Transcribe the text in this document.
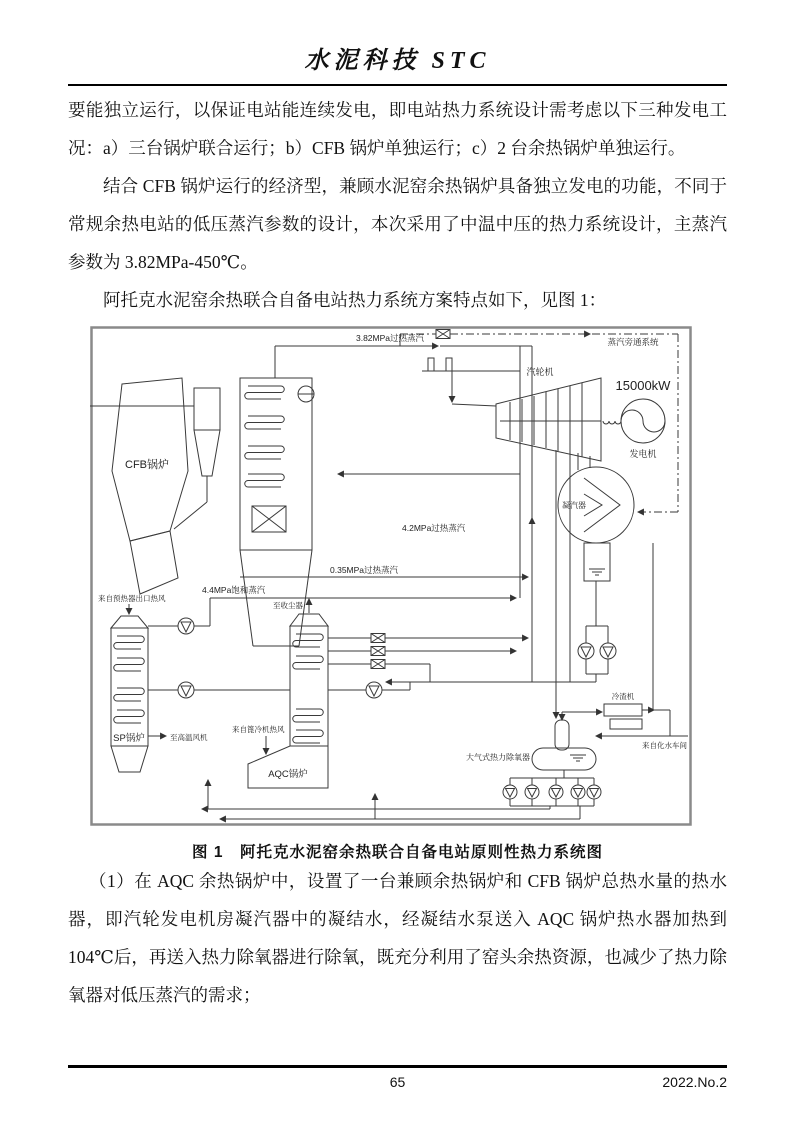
水泥科技 STC

要能独立运行，以保证电站能连续发电，即电站热力系统设计需考虑以下三种发电工况：a）三台锅炉联合运行；b）CFB 锅炉单独运行；c）2 台余热锅炉单独运行。

结合 CFB 锅炉运行的经济型，兼顾水泥窑余热锅炉具备独立发电的功能，不同于常规余热电站的低压蒸汽参数的设计，本次采用了中温中压的热力系统设计，主蒸汽参数为 3.82MPa-450℃。

阿托克水泥窑余热联合自备电站热力系统方案特点如下，见图 1：

3.82MPa过热蒸汽	蒸汽旁通系统
汽轮机
15000kW
发电机
凝汽器
4.2MPa过热蒸汽
0.35MPa过热蒸汽
4.4MPa饱和蒸汽
CFB锅炉
SP锅炉
AQC锅炉
来自预热器出口热风
至高温风机
至收尘器
来自篦冷机热风
大气式热力除氧器
冷渣机
来自化水车间
图 1　阿托克水泥窑余热联合自备电站原则性热力系统图

（1）在 AQC 余热锅炉中，设置了一台兼顾余热锅炉和 CFB 锅炉总热水量的热水器，即汽轮发电机房凝汽器中的凝结水，经凝结水泵送入 AQC 锅炉热水器加热到 104℃后，再送入热力除氧器进行除氧，既充分利用了窑头余热资源，也减少了热力除氧器对低压蒸汽的需求；

65	2022.No.2
